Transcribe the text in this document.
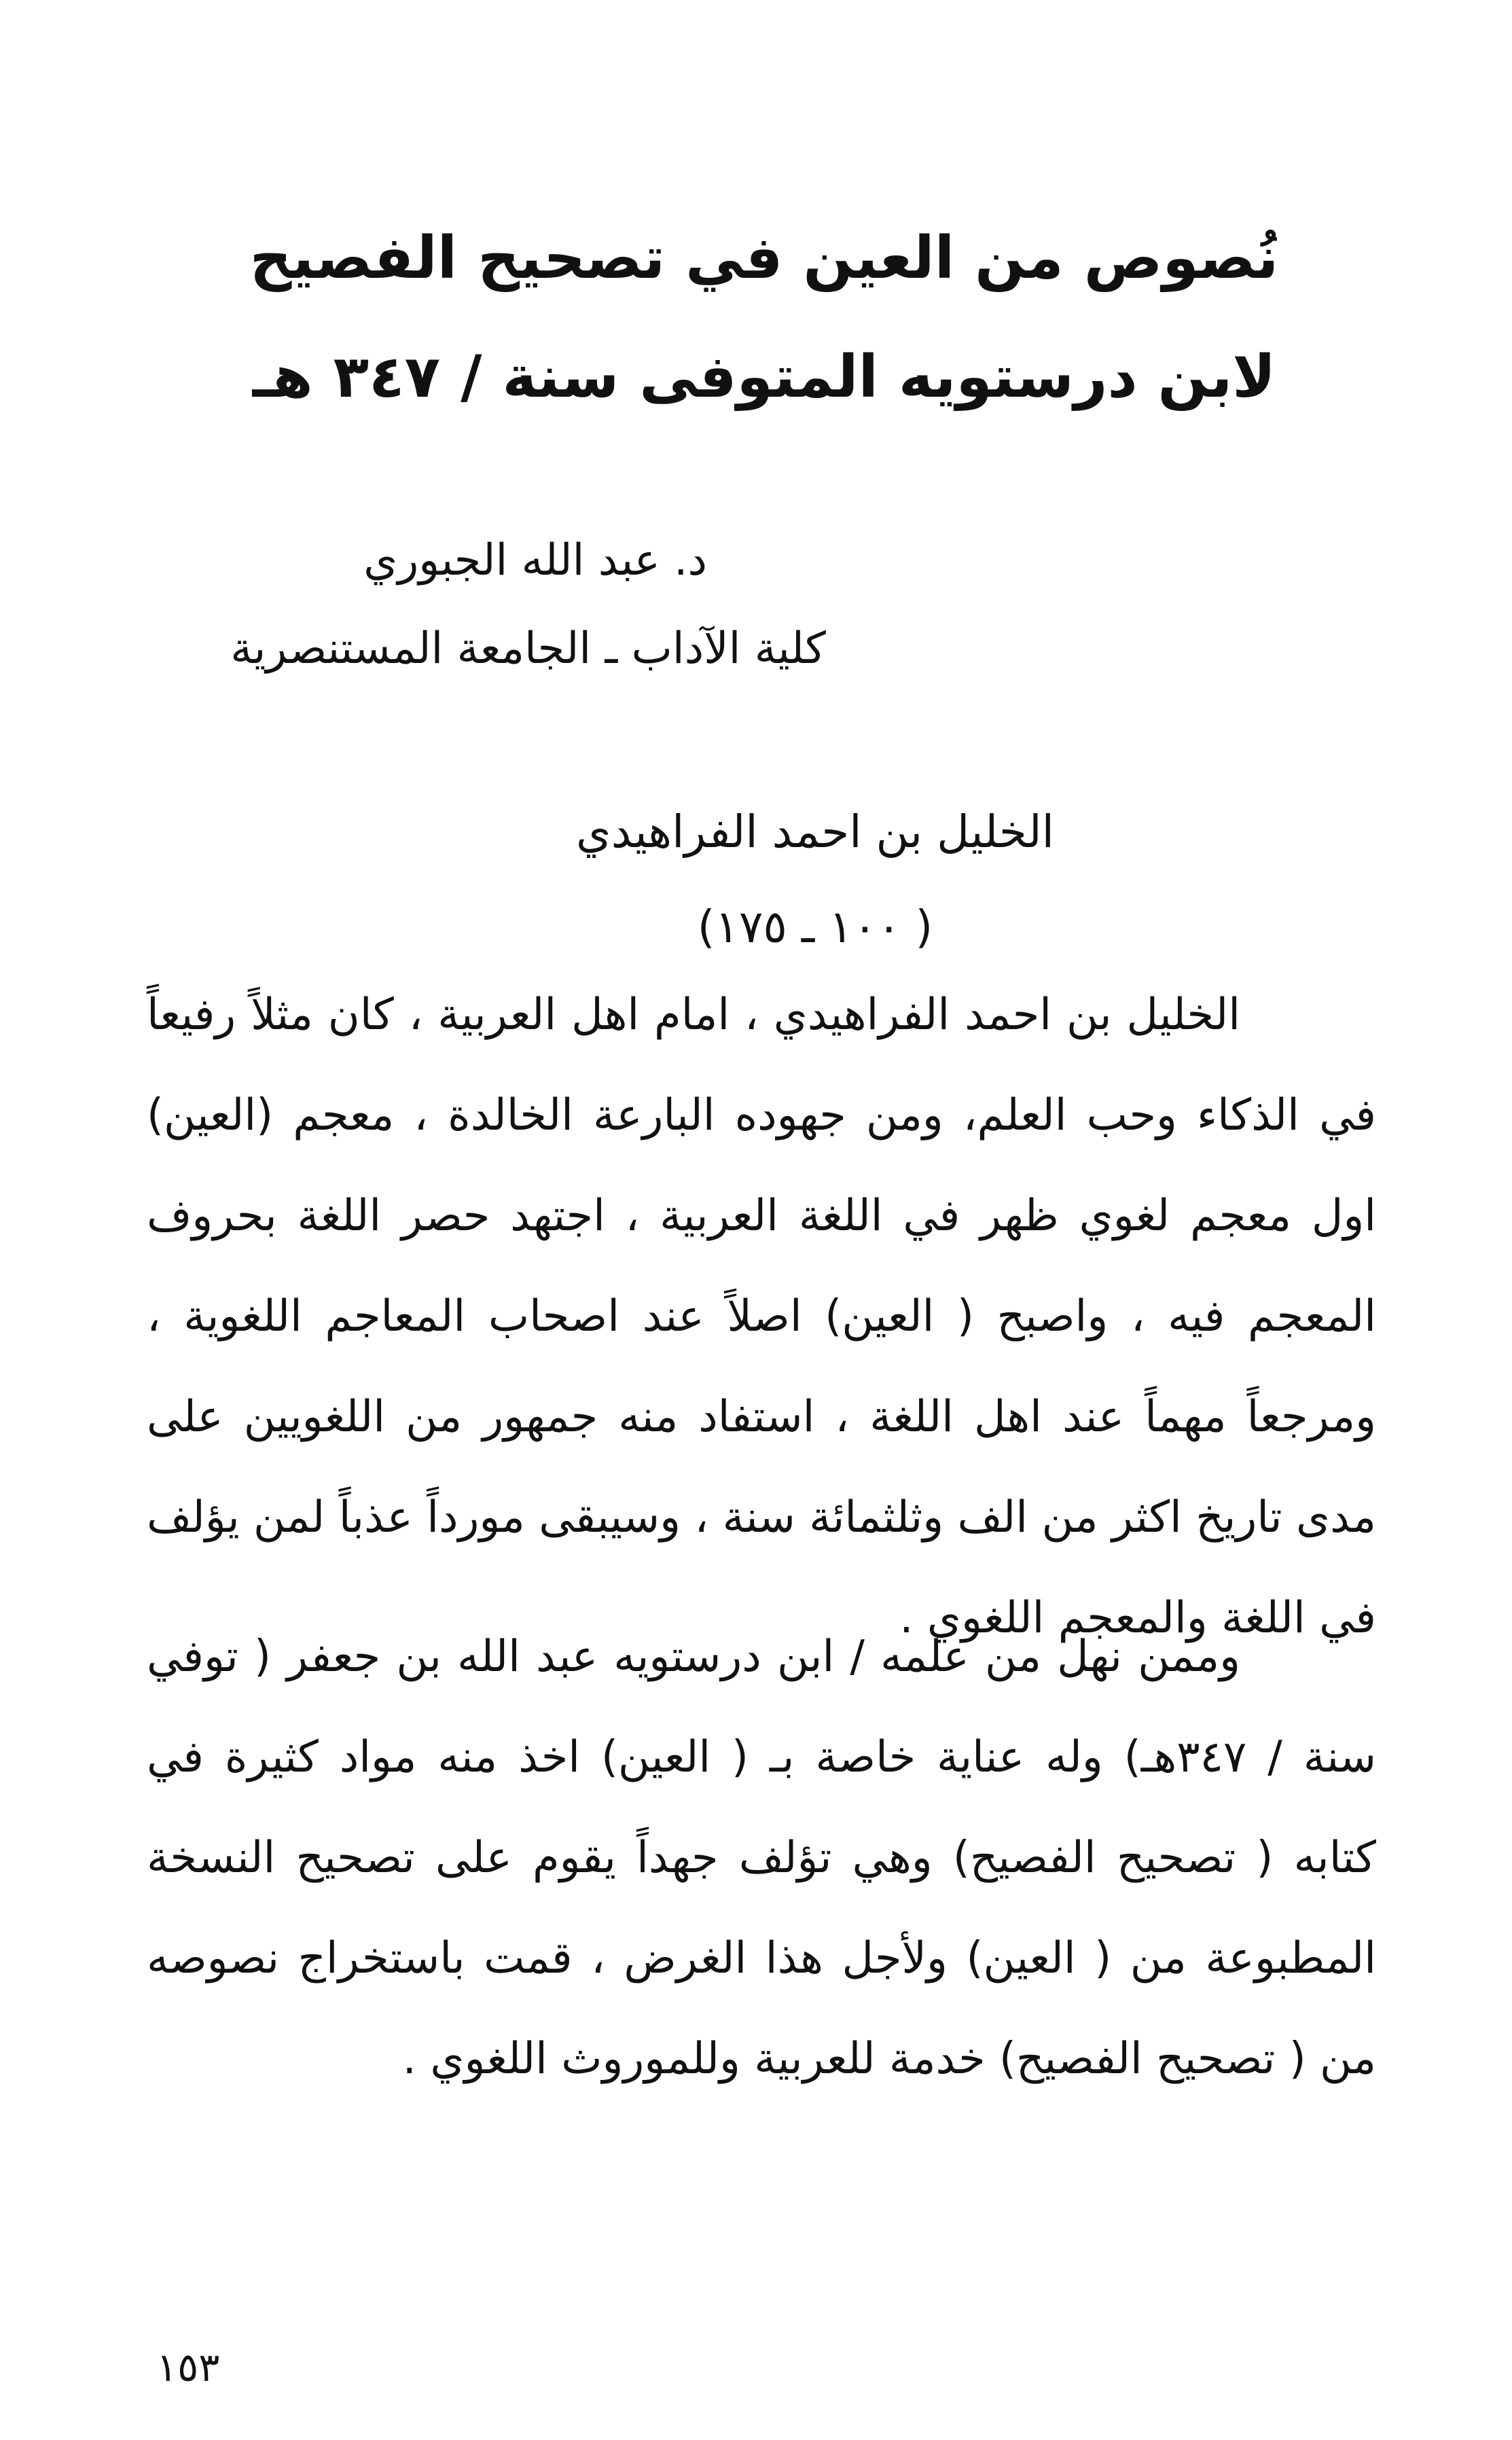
نُصوص من العين في تصحيح الفصيح
لابن درستويه المتوفى سنة / ٣٤٧ هـ
د. عبد الله الجبوري
كلية الآداب ـ الجامعة المستنصرية
الخليل بن احمد الفراهيدي
( ١٠٠ ـ ١٧٥)

الخليل بن احمد الفراهيدي ، امام اهل العربية ، كان مثلاً رفيعاً في الذكاء وحب العلم، ومن جهوده البارعة الخالدة ، معجم (العين) اول معجم لغوي ظهر في اللغة العربية ، اجتهد حصر اللغة بحروف المعجم فيه ، واصبح ( العين) اصلاً عند اصحاب المعاجم اللغوية ، ومرجعاً مهماً عند اهل اللغة ، استفاد منه جمهور من اللغويين على مدى تاريخ اكثر من الف وثلثمائة سنة ، وسيبقى مورداً عذباً لمن يؤلف في اللغة والمعجم اللغوي .

وممن نهل من علمه / ابن درستويه عبد الله بن جعفر ( توفي سنة / ٣٤٧هـ) وله عناية خاصة بـ ( العين) اخذ منه مواد كثيرة في كتابه ( تصحيح الفصيح) وهي تؤلف جهداً يقوم على تصحيح النسخة المطبوعة من ( العين) ولأجل هذا الغرض ، قمت باستخراج نصوصه من ( تصحيح الفصيح) خدمة للعربية وللموروث اللغوي .

١٥٣
